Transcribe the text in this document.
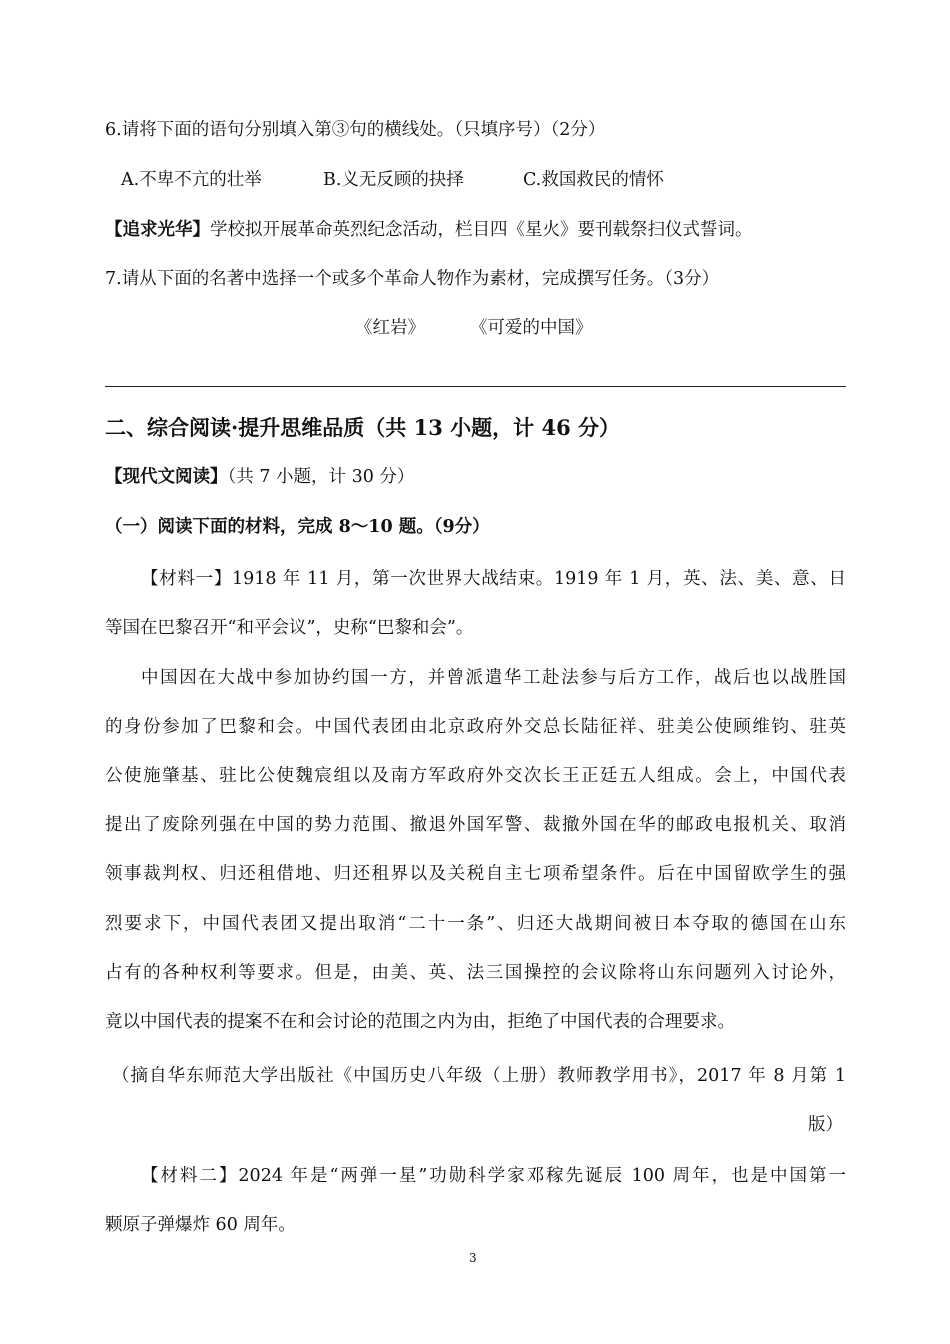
6.请将下面的语句分别填入第③句的横线处。（只填序号）（2分）
A.不卑不亢的壮举	B.义无反顾的抉择	C.救国救民的情怀
【追求光华】学校拟开展革命英烈纪念活动，栏目四《星火》要刊载祭扫仪式誓词。
7.请从下面的名著中选择一个或多个革命人物作为素材，完成撰写任务。（3分）
《红岩》	《可爱的中国》
二、综合阅读·提升思维品质（共 13 小题，计 46 分）
【现代文阅读】（共 7 小题，计 30 分）
（一）阅读下面的材料，完成 8～10 题。（9分）
【材料一】1918 年 11 月，第一次世界大战结束。1919 年 1 月，英、法、美、意、日
等国在巴黎召开“和平会议”，史称“巴黎和会”。
中国因在大战中参加协约国一方，并曾派遣华工赴法参与后方工作，战后也以战胜国
的身份参加了巴黎和会。中国代表团由北京政府外交总长陆征祥、驻美公使顾维钧、驻英
公使施肇基、驻比公使魏宸组以及南方军政府外交次长王正廷五人组成。会上，中国代表
提出了废除列强在中国的势力范围、撤退外国军警、裁撤外国在华的邮政电报机关、取消
领事裁判权、归还租借地、归还租界以及关税自主七项希望条件。后在中国留欧学生的强
烈要求下，中国代表团又提出取消“二十一条”、归还大战期间被日本夺取的德国在山东
占有的各种权利等要求。但是，由美、英、法三国操控的会议除将山东问题列入讨论外，
竟以中国代表的提案不在和会讨论的范围之内为由，拒绝了中国代表的合理要求。
（摘自华东师范大学出版社《中国历史八年级（上册）教师教学用书》，2017 年 8 月第 1
版）
【材料二】2024 年是“两弹一星”功勋科学家邓稼先诞辰 100 周年，也是中国第一
颗原子弹爆炸 60 周年。
3
